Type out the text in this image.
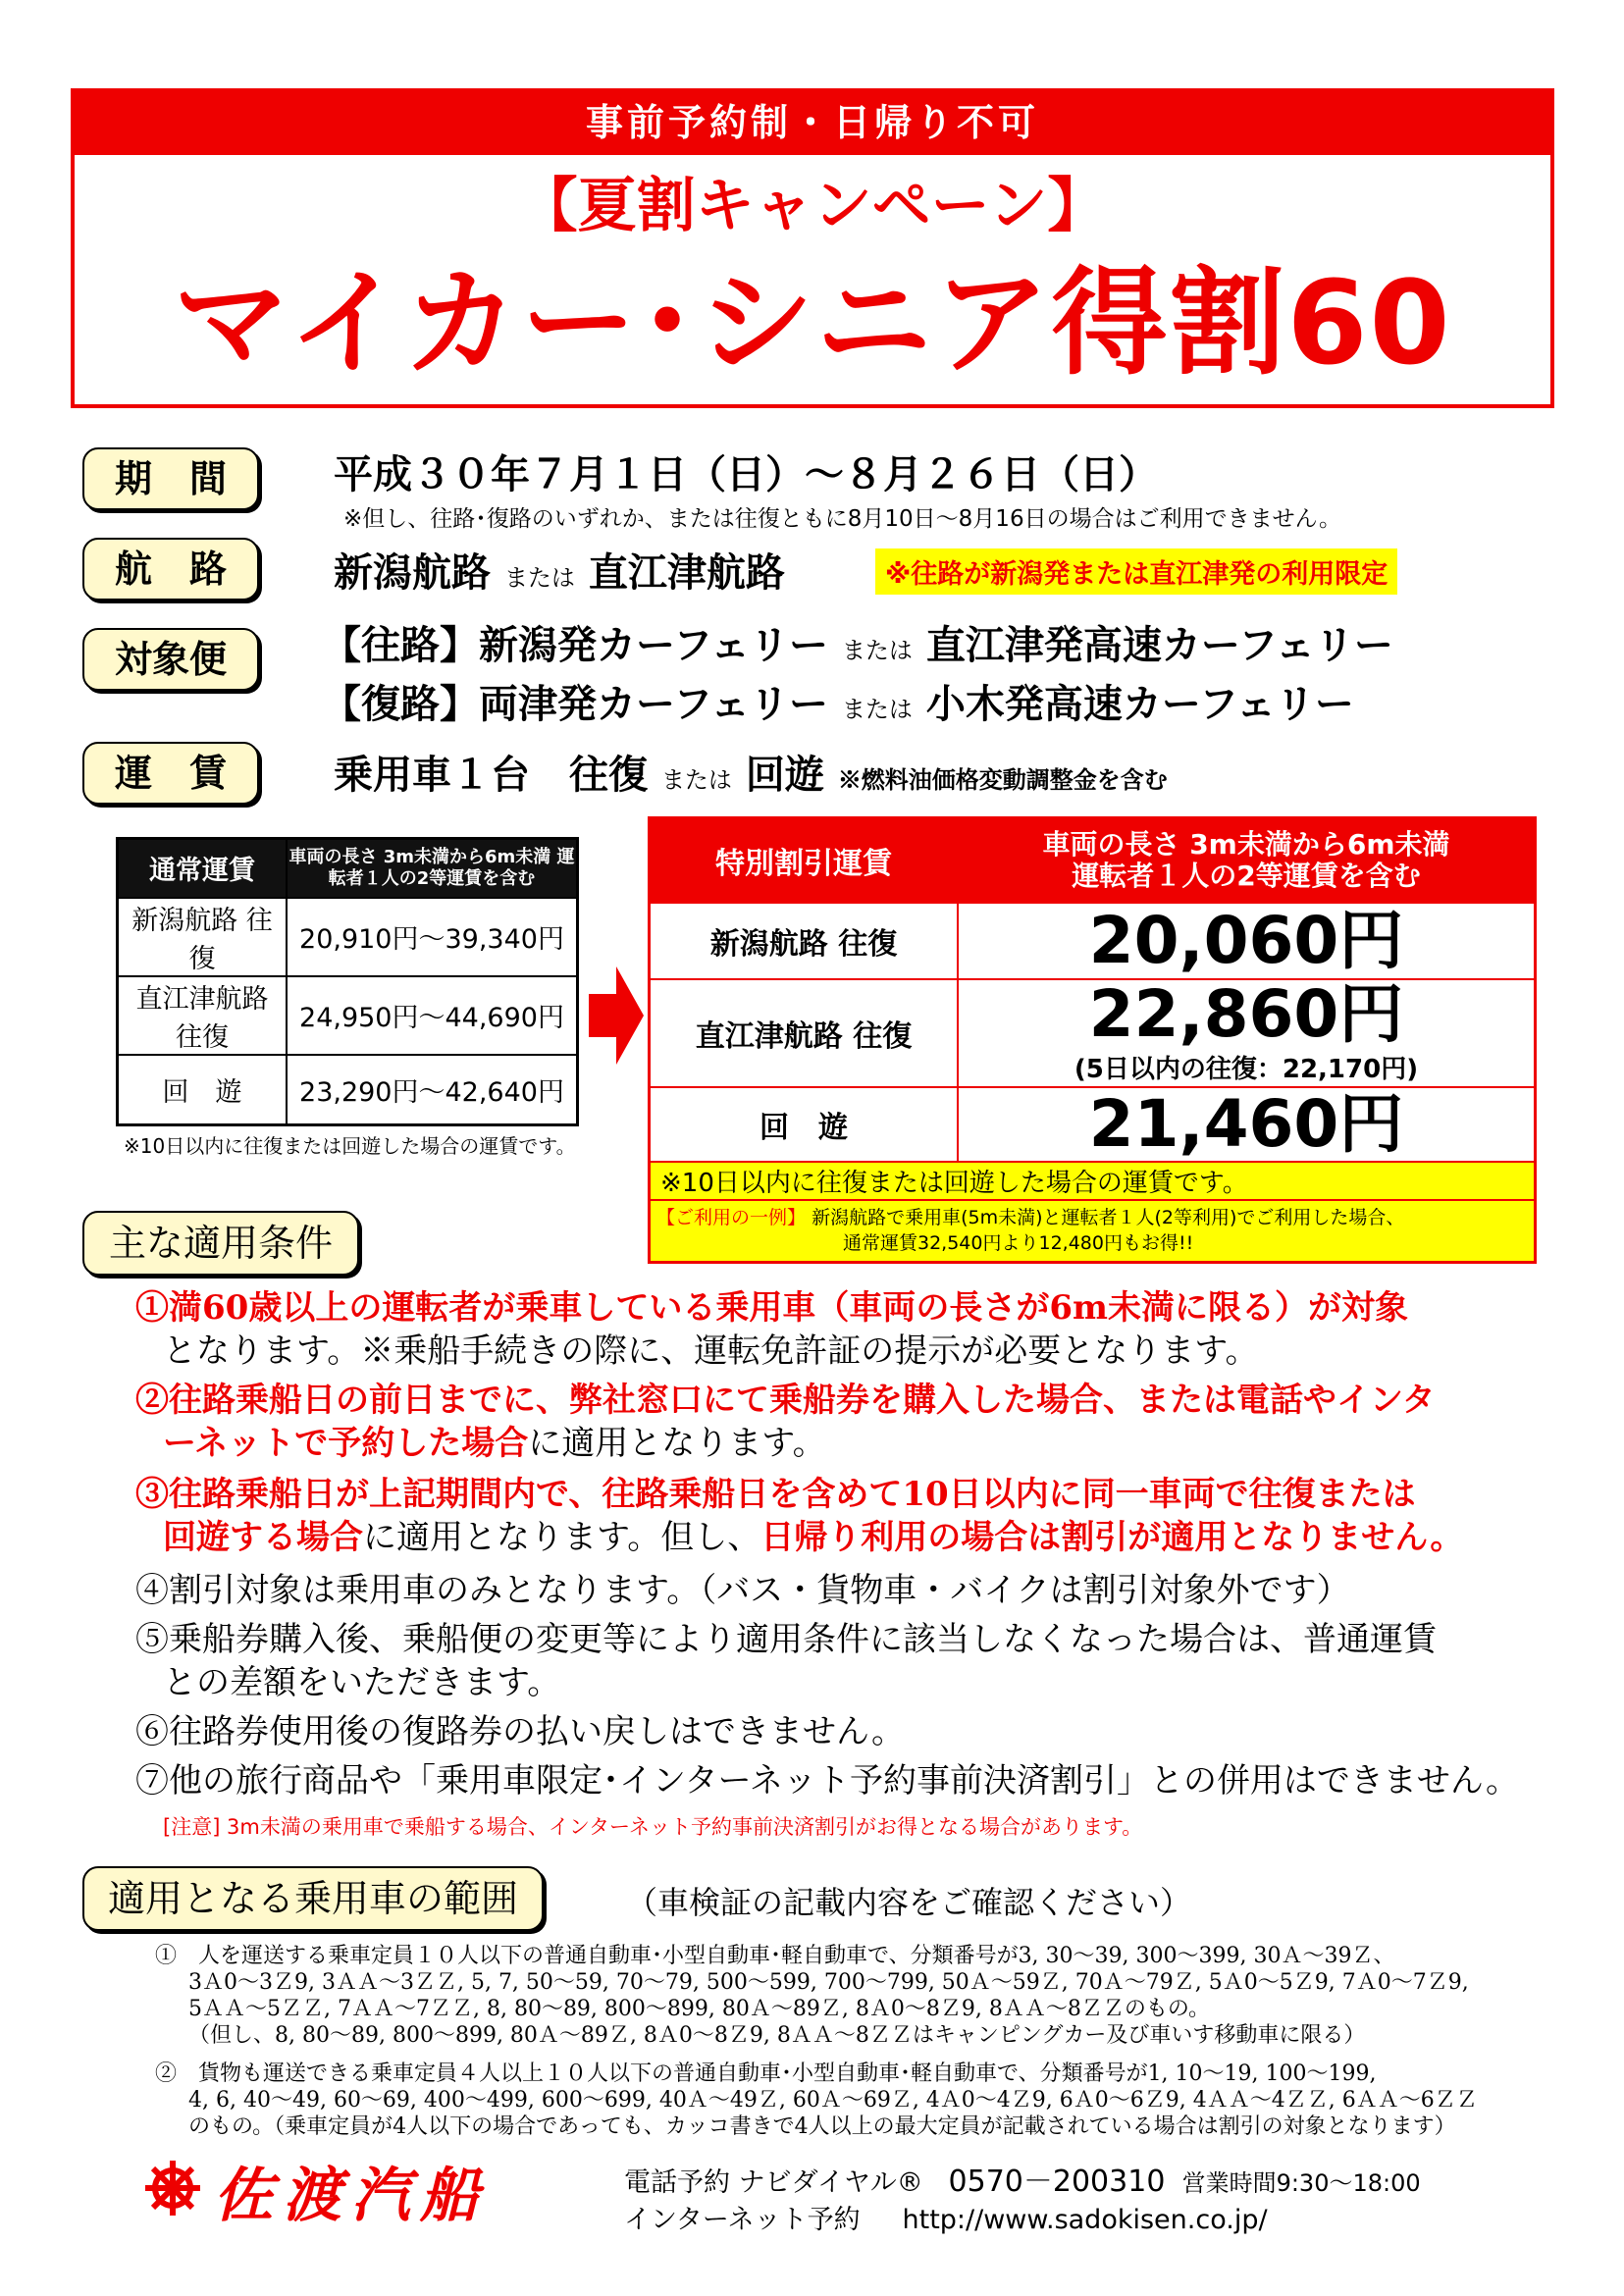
事前予約制・日帰り不可
【夏割キャンペーン】
マイカー･シニア得割60
期　間	平成３０年７月１日（日）～８月２６日（日）
※但し、往路･復路のいずれか、または往復ともに8月10日～8月16日の場合はご利用できません。
航　路	新潟航路 または 直江津航路	※往路が新潟発または直江津発の利用限定
対象便	【往路】新潟発カーフェリー または 直江津発高速カーフェリー
【復路】両津発カーフェリー または 小木発高速カーフェリー
運　賃	乗用車１台　往復 または 回遊 ※燃料油価格変動調整金を含む
通常運賃	車両の長さ 3m未満から6m未満 運転者１人の2等運賃を含む
新潟航路 往復	20,910円～39,340円
直江津航路 往復	24,950円～44,690円
回　遊	23,290円～42,640円
※10日以内に往復または回遊した場合の運賃です。
特別割引運賃	車両の長さ 3m未満から6m未満
運転者１人の2等運賃を含む

新潟航路 往復	20,060円
直江津航路 往復	22,860円
(5日以内の往復：22,170円)

回　遊	21,460円
※10日以内に往復または回遊した場合の運賃です。	
【ご利用の一例】 新潟航路で乗用車(5m未満)と運転者１人(2等利用)でご利用した場合、
通常運賃32,540円より12,480円もお得!!	
主な適用条件
①満60歳以上の運転者が乗車している乗用車（車両の長さが6m未満に限る）が対象
となります。※乗船手続きの際に、運転免許証の提示が必要となります。
②往路乗船日の前日までに、弊社窓口にて乗船券を購入した場合、または電話やインタ
ーネットで予約した場合に適用となります。
③往路乗船日が上記期間内で、往路乗船日を含めて10日以内に同一車両で往復または
回遊する場合に適用となります。但し、日帰り利用の場合は割引が適用となりません。
④割引対象は乗用車のみとなります。（バス・貨物車・バイクは割引対象外です）
⑤乗船券購入後、乗船便の変更等により適用条件に該当しなくなった場合は、普通運賃
との差額をいただきます。
⑥往路券使用後の復路券の払い戻しはできません。
⑦他の旅行商品や「乗用車限定･インターネット予約事前決済割引」との併用はできません。
[注意] 3m未満の乗用車で乗船する場合、インターネット予約事前決済割引がお得となる場合があります。
適用となる乗用車の範囲	（車検証の記載内容をご確認ください）
①　人を運送する乗車定員１０人以下の普通自動車･小型自動車･軽自動車で、分類番号が3, 30～39, 300～399, 30Ａ～39Ｚ、
3Ａ0～3Ｚ9, 3ＡＡ～3ＺＺ, 5, 7, 50～59, 70～79, 500～599, 700～799, 50Ａ～59Ｚ, 70Ａ～79Ｚ, 5Ａ0～5Ｚ9, 7Ａ0～7Ｚ9,
5ＡＡ～5ＺＺ, 7ＡＡ～7ＺＺ, 8, 80～89, 800～899, 80Ａ～89Ｚ, 8Ａ0～8Ｚ9, 8ＡＡ～8ＺＺのもの。
（但し、8, 80～89, 800～899, 80Ａ～89Ｚ, 8Ａ0～8Ｚ9, 8ＡＡ～8ＺＺはキャンピングカー及び車いす移動車に限る）
②　貨物も運送できる乗車定員４人以上１０人以下の普通自動車･小型自動車･軽自動車で、分類番号が1, 10～19, 100～199,
4, 6, 40～49, 60～69, 400～499, 600～699, 40Ａ～49Ｚ, 60Ａ～69Ｚ, 4Ａ0～4Ｚ9, 6Ａ0～6Ｚ9, 4ＡＡ～4ＺＺ, 6ＡＡ～6ＺＺ
のもの。（乗車定員が4人以下の場合であっても、カッコ書きで4人以上の最大定員が記載されている場合は割引の対象となります）
佐渡汽船	電話予約 ナビダイヤル® 0570－200310 営業時間9:30～18:00
インターネット予約 http://www.sadokisen.co.jp/
